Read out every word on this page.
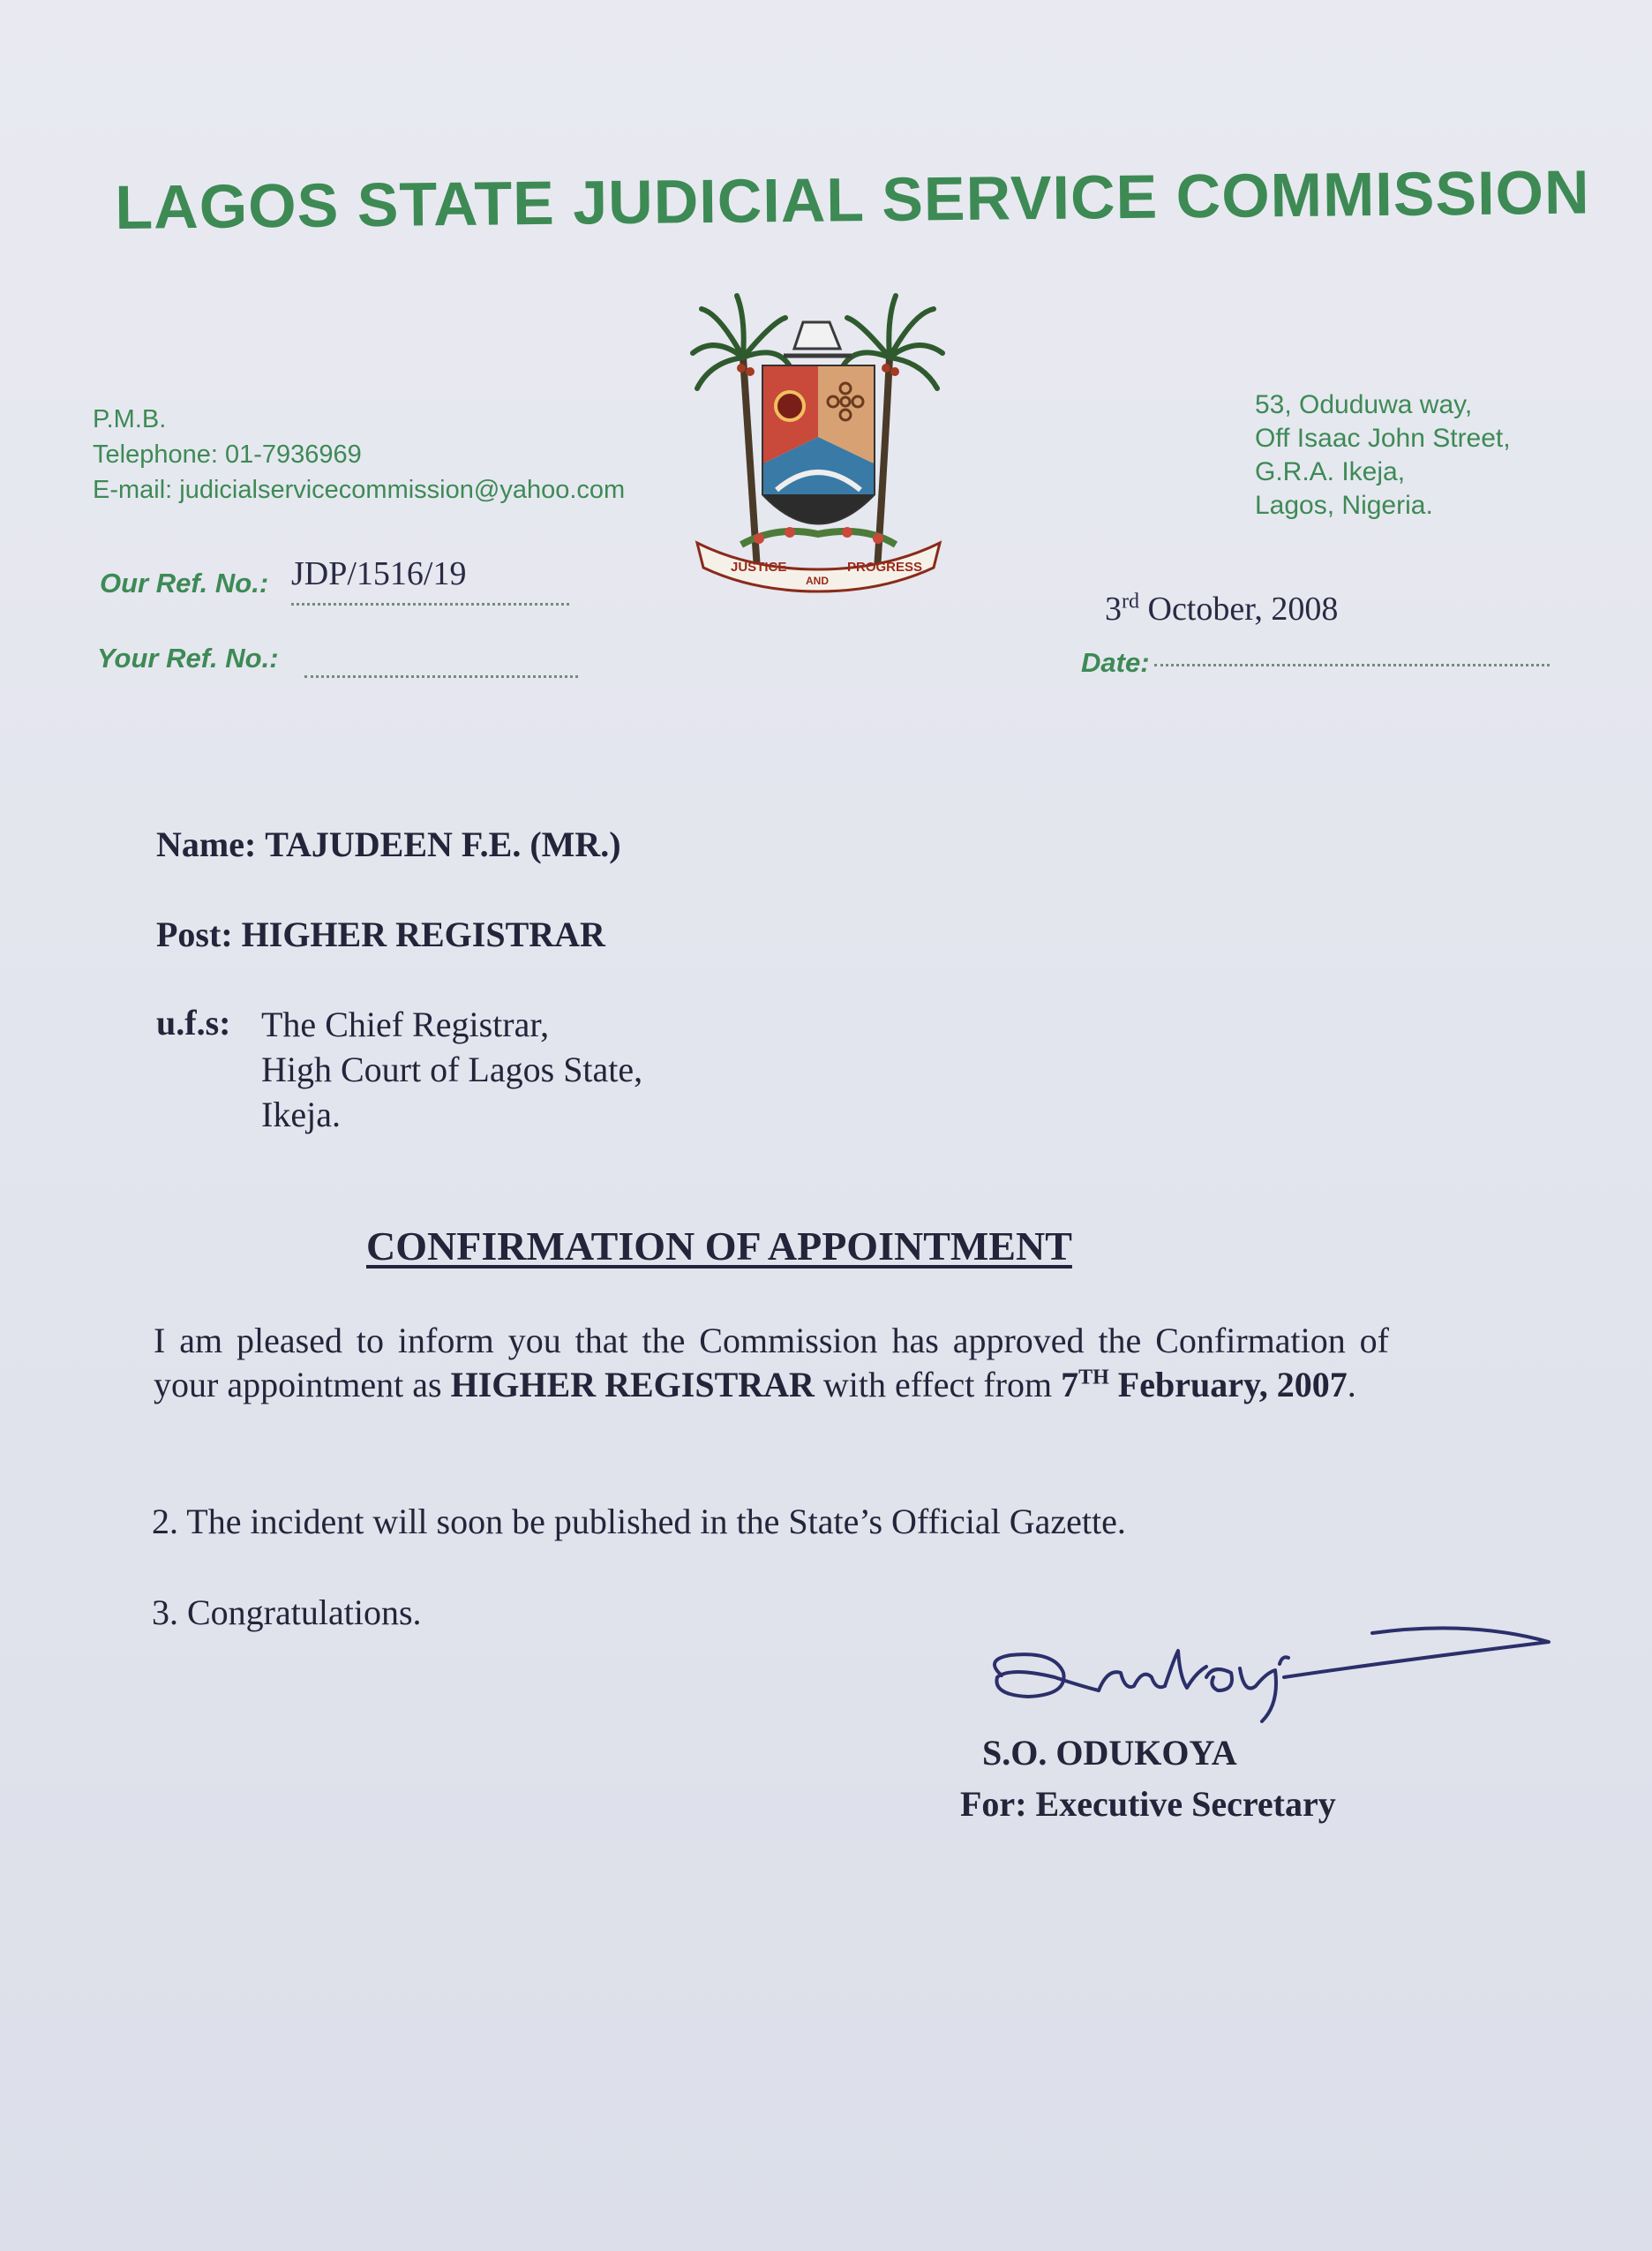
LAGOS STATE JUDICIAL SERVICE COMMISSION
P.M.B.
Telephone: 01-7936969
E-mail: judicialservicecommission@yahoo.com
53, Oduduwa way,
Off Isaac John Street,
G.R.A. Ikeja,
Lagos, Nigeria.
JUSTICE
AND
PROGRESS
Our Ref. No.: JDP/1516/19
Your Ref. No.:	Date:
3rd October, 2008
Name: TAJUDEEN F.E. (MR.)
Post: HIGHER REGISTRAR
u.f.s: The Chief Registrar,
High Court of Lagos State,
Ikeja.
CONFIRMATION OF APPOINTMENT
I am pleased to inform you that the Commission has approved the Confirmation of your appointment as HIGHER REGISTRAR with effect from 7TH February, 2007.
2. The incident will soon be published in the State’s Official Gazette.
3. Congratulations.
S.O. ODUKOYA
For: Executive Secretary
